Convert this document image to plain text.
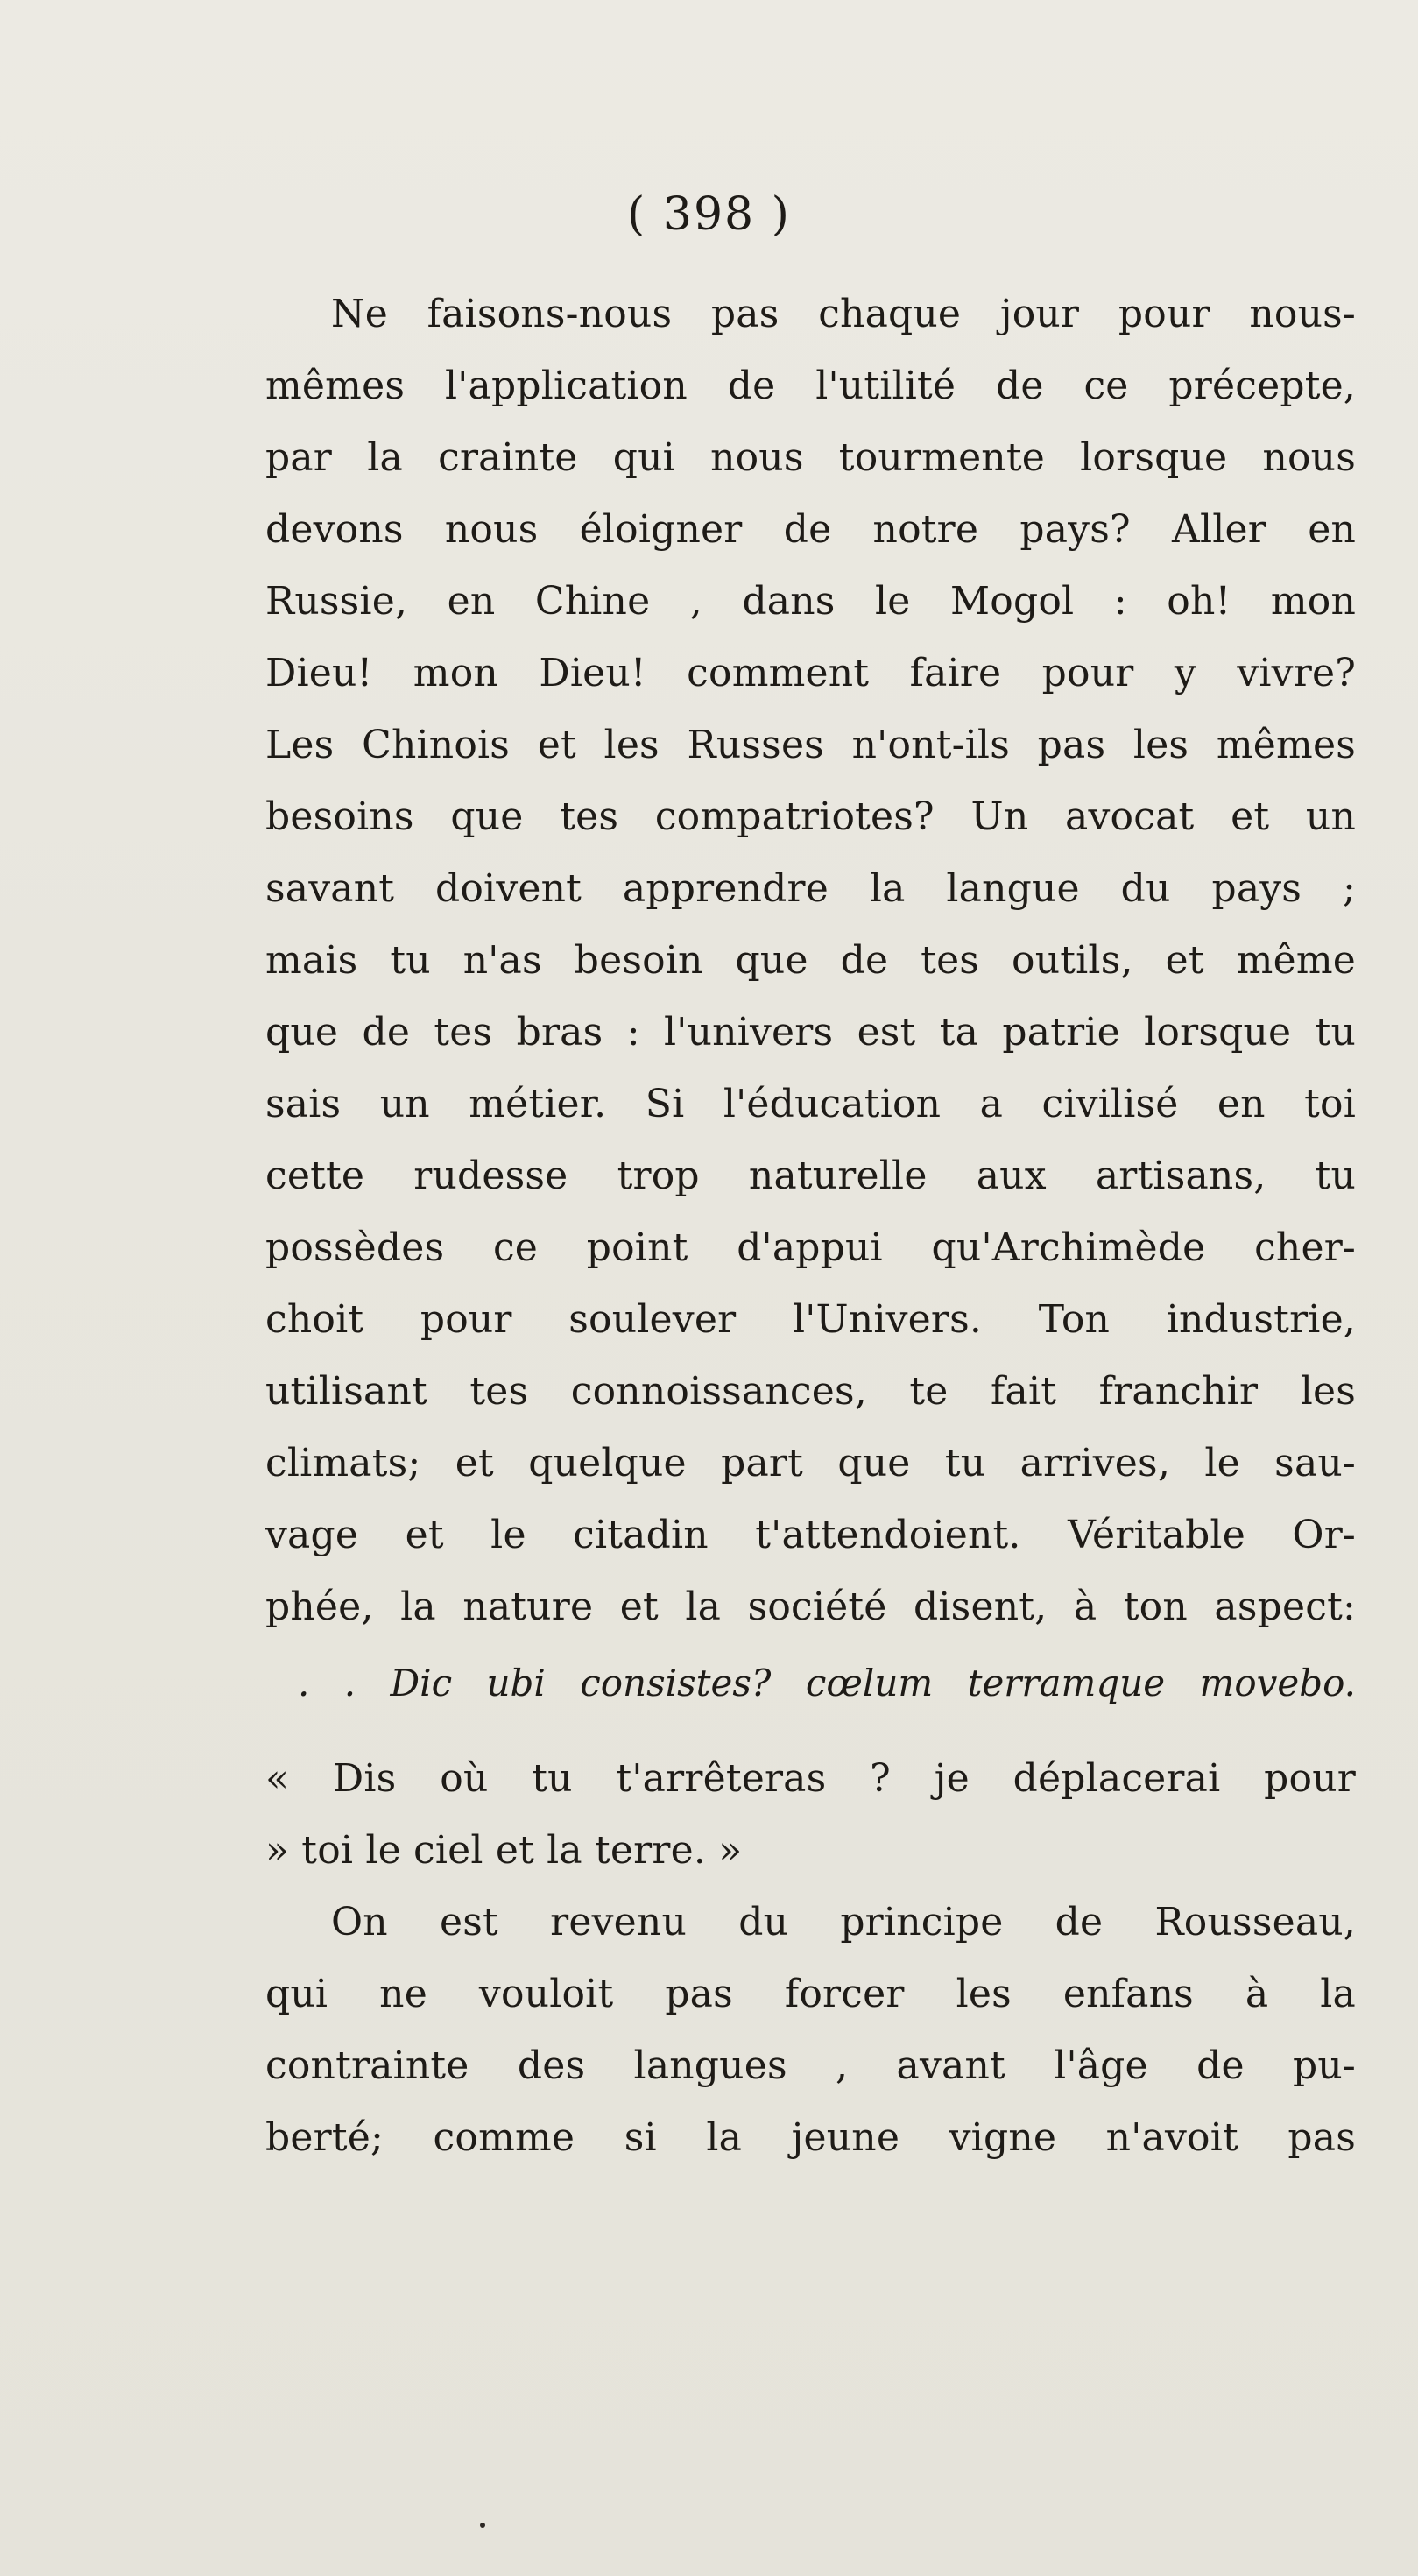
( 398 )
Ne faisons-nous pas chaque jour pour nous-
mêmes l'application de l'utilité de ce précepte,
par la crainte qui nous tourmente lorsque nous
devons nous éloigner de notre pays? Aller en
Russie, en Chine , dans le Mogol : oh! mon
Dieu! mon Dieu! comment faire pour y vivre?
Les Chinois et les Russes n'ont-ils pas les mêmes
besoins que tes compatriotes? Un avocat et un
savant doivent apprendre la langue du pays ;
mais tu n'as besoin que de tes outils, et même
que de tes bras : l'univers est ta patrie lorsque tu
sais un métier. Si l'éducation a civilisé en toi
cette rudesse trop naturelle aux artisans, tu
possèdes ce point d'appui qu'Archimède cher-
choit pour soulever l'Univers. Ton industrie,
utilisant tes connoissances, te fait franchir les
climats; et quelque part que tu arrives, le sau-
vage et le citadin t'attendoient. Véritable Or-
phée, la nature et la société disent, à ton aspect:
. . Dic ubi consistes? cœlum terramque movebo.
« Dis où tu t'arrêteras ? je déplacerai pour
» toi le ciel et la terre. »
On est revenu du principe de Rousseau,
qui ne vouloit pas forcer les enfans à la
contrainte des langues , avant l'âge de pu-
berté; comme si la jeune vigne n'avoit pas
